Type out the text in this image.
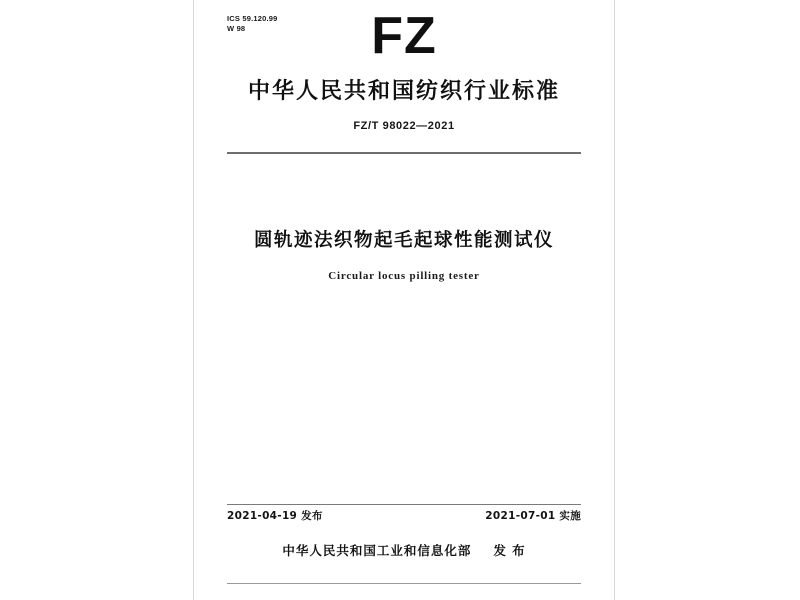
ICS 59.120.99
W 98	FZ
中华人民共和国纺织行业标准
FZ/T 98022—2021
圆轨迹法织物起毛起球性能测试仪
Circular locus pilling tester
2021-04-19 发布	2021-07-01 实施
中华人民共和国工业和信息化部 发 布
